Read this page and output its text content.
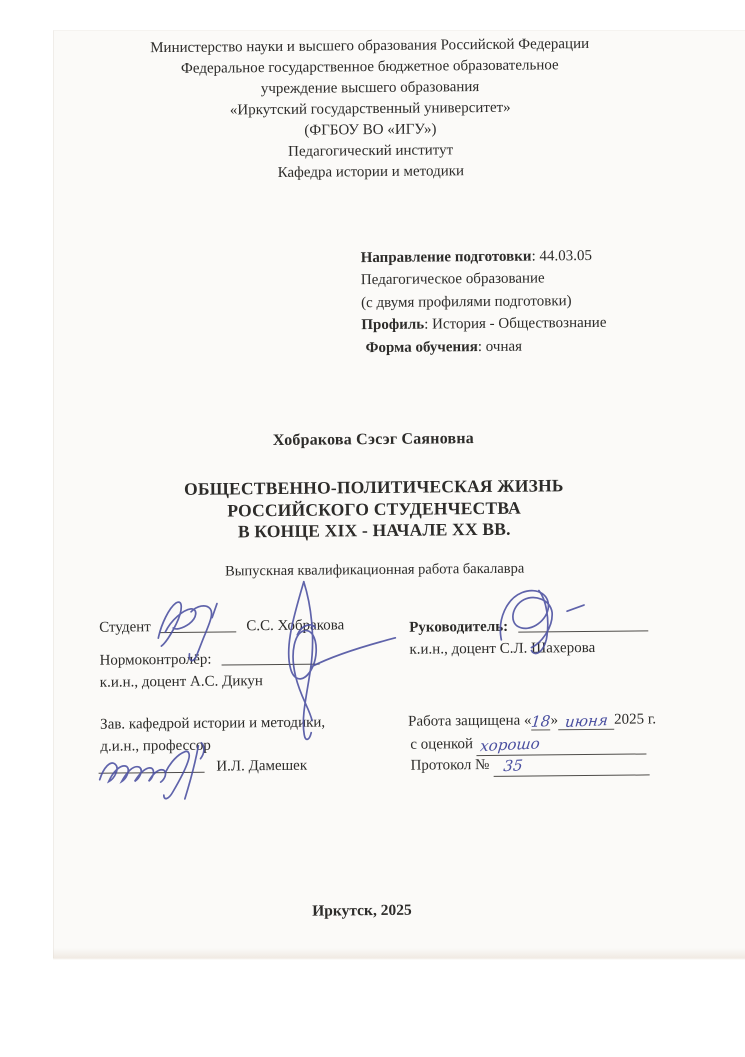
Министерство науки и высшего образования Российской Федерации
Федеральное государственное бюджетное образовательное
учреждение высшего образования
«Иркутский государственный университет»
(ФГБОУ ВО «ИГУ»)
Педагогический институт
Кафедра истории и методики
Направление подготовки: 44.03.05
Педагогическое образование
(с двумя профилями подготовки)
Профиль: История - Обществознание
Форма обучения: очная
Хобракова Сэсэг Саяновна
ОБЩЕСТВЕННО-ПОЛИТИЧЕСКАЯ ЖИЗНЬ
РОССИЙСКОГО СТУДЕНЧЕСТВА
В КОНЦЕ XIX - НАЧАЛЕ XX ВВ.
Выпускная квалификационная работа бакалавра
Студент	С.С. Хобракова
Нормоконтролёр:
к.и.н., доцент А.С. Дикун
Зав. кафедрой истории и методики,
д.и.н., профессор
И.Л. Дамешек
Руководитель:
к.и.н., доцент С.Л. Шахерова
Работа защищена «18» июня 2025 г.
с оценкой хорошо
Протокол № 35
Иркутск, 2025
